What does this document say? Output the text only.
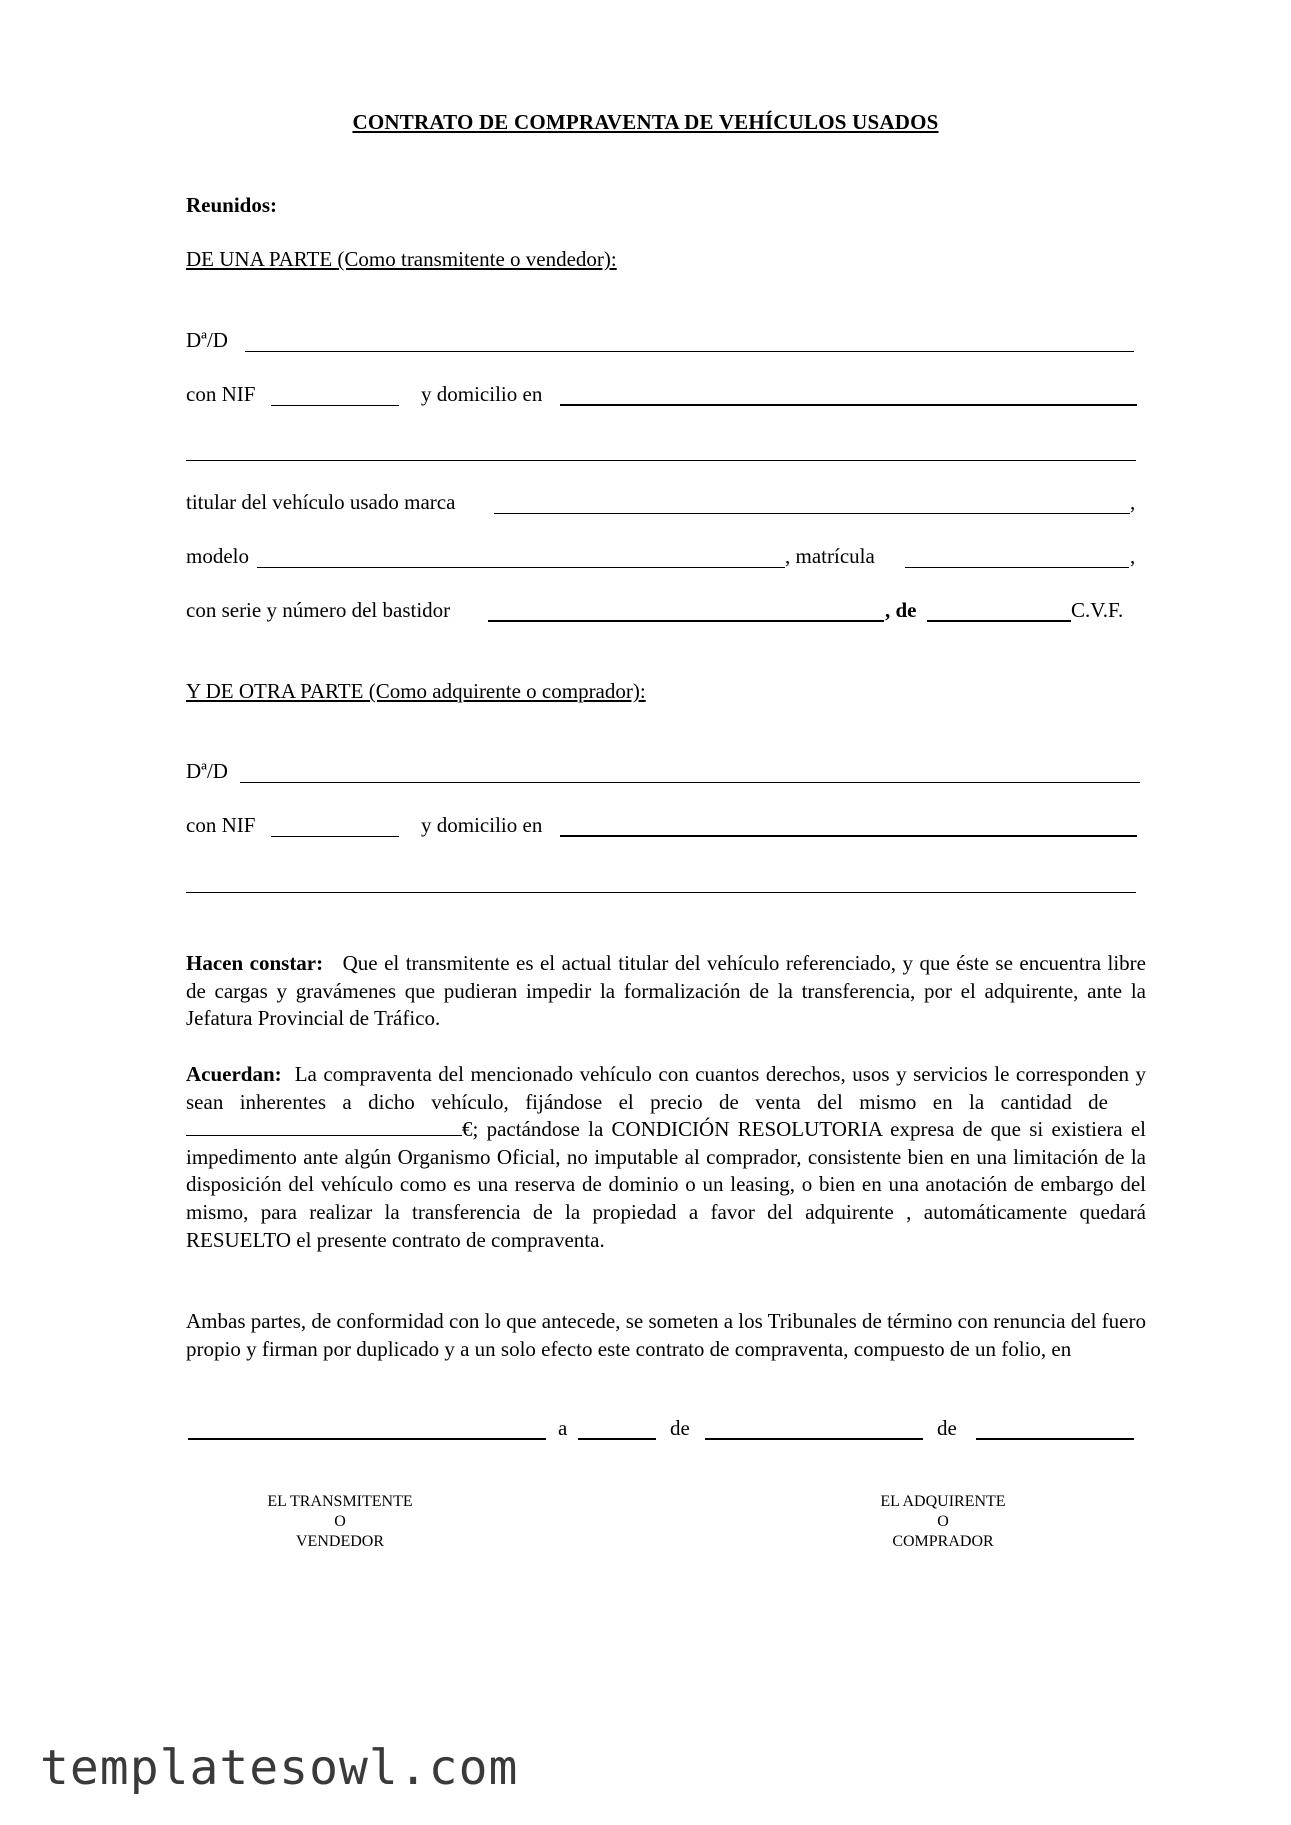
CONTRATO DE COMPRAVENTA DE VEHÍCULOS USADOS
Reunidos:
DE UNA PARTE (Como transmitente o vendedor):
Dª/D
con NIF	y domicilio en
titular del vehículo usado marca	,
modelo	, matrícula	,
con serie y número del bastidor	, de	C.V.F.
Y DE OTRA PARTE (Como adquirente o comprador):
Dª/D
con NIF	y domicilio en
Hacen constar: Que el transmitente es el actual titular del vehículo referenciado, y que éste se encuentra libre de cargas y gravámenes que pudieran impedir la formalización de la transferencia, por el adquirente, ante la Jefatura Provincial de Tráfico.
Acuerdan: La compraventa del mencionado vehículo con cuantos derechos, usos y servicios le corresponden y sean inherentes a dicho vehículo, fijándose el precio de venta del mismo en la cantidad de   €; pactándose la CONDICIÓN RESOLUTORIA expresa de que si existiera el impedimento ante algún Organismo Oficial, no imputable al comprador, consistente bien en una limitación de la disposición del vehículo como es una reserva de dominio o un leasing, o bien en una anotación de embargo del mismo, para realizar la transferencia de la propiedad a favor del adquirente , automáticamente quedará RESUELTO el presente contrato de compraventa.
Ambas partes, de conformidad con lo que antecede, se someten a los Tribunales de término con renuncia del fuero propio y firman por duplicado y a un solo efecto este contrato de compraventa, compuesto de un folio, en
a	de	de
EL TRANSMITENTE
O
VENDEDOR
EL ADQUIRENTE
O
COMPRADOR
templatesowl.com
